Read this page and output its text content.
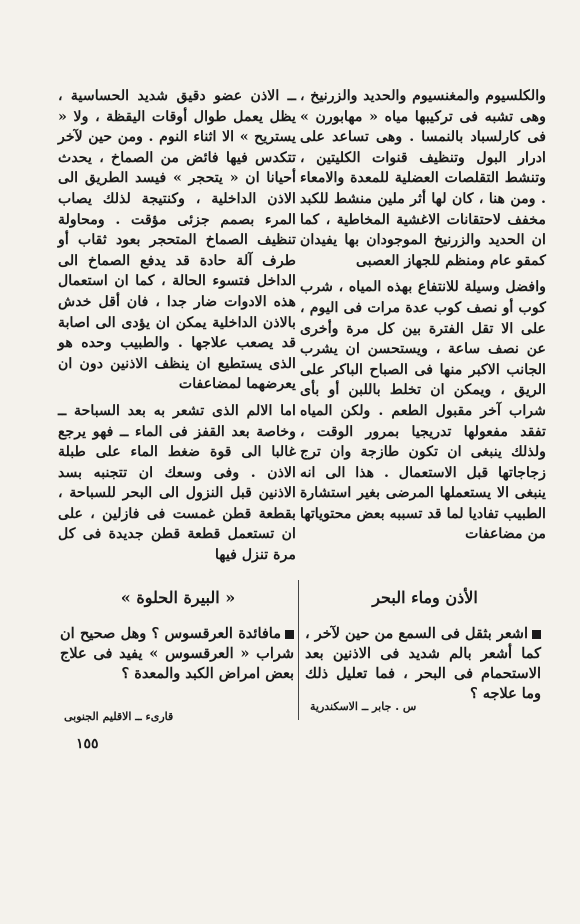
والكلسيوم والمغنسيوم والحديد والزرنيخ ، وهى تشبه فى تركيبها مياه « مهابورن » فى كارلسباد بالنمسا . وهى تساعد على ادرار البول وتنظيف قنوات الكليتين ، وتنشط التقلصات العضلية للمعدة والامعاء . ومن هنا ، كان لها أثر ملين منشط للكبد مخفف لاحتقانات الاغشية المخاطية ، كما ان الحديد والزرنيخ الموجودان بها يفيدان كمقو عام ومنظم للجهاز العصبى

وافضل وسيلة للانتفاع بهذه المياه ، شرب كوب أو نصف كوب عدة مرات فى اليوم ، على الا تقل الفترة بين كل مرة وأخرى عن نصف ساعة ، ويستحسن ان يشرب الجانب الاكبر منها فى الصباح الباكر على الريق ، ويمكن ان تخلط باللبن أو بأى شراب آخر مقبول الطعم . ولكن المياه تفقد مفعولها تدريجيا بمرور الوقت ، ولذلك ينبغى ان تكون طازجة وان ترج زجاجاتها قبل الاستعمال . هذا الى انه ينبغى الا يستعملها المرضى بغير استشارة الطبيب تفاديا لما قد تسببه بعض محتوياتها من مضاعفات

ــ الاذن عضو دقيق شديد الحساسية ، يظل يعمل طوال أوقات اليقظة ، ولا « يستريح » الا اثناء النوم . ومن حين لآخر تتكدس فيها فائض من الصماخ ، يحدث أحيانا ان « يتحجر » فيسد الطريق الى الاذن الداخلية ، وكنتيجة لذلك يصاب المرء بصمم جزئى مؤقت . ومحاولة تنظيف الصماخ المتحجر بعود ثقاب أو طرف آلة حادة قد يدفع الصماخ الى الداخل فتسوء الحالة ، كما ان استعمال هذه الادوات ضار جدا ، فان أقل خدش بالاذن الداخلية يمكن ان يؤدى الى اصابة قد يصعب علاجها . والطبيب وحده هو الذى يستطيع ان ينظف الاذنين دون ان يعرضهما لمضاعفات

اما الالم الذى تشعر به بعد السباحة ــ وخاصة بعد القفز فى الماء ــ فهو يرجع غالبا الى قوة ضغط الماء على طبلة الاذن . وفى وسعك ان تتجنبه بسد الاذنين قبل النزول الى البحر للسباحة ، بقطعة قطن غمست فى فازلين ، على ان تستعمل قطعة قطن جديدة فى كل مرة تنزل فيها

الأذن وماء البحر
« البيرة الحلوة »
اشعر بثقل فى السمع من حين لآخر ، كما أشعر بالم شديد فى الاذنين بعد الاستحمام فى البحر ، فما تعليل ذلك وما علاجه ؟
س . جابر ــ الاسكندرية
مافائدة العرقسوس ؟ وهل صحيح ان شراب « العرقسوس » يفيد فى علاج بعض امراض الكبد والمعدة ؟
قارىء ــ الاقليم الجنوبى
١٥٥
